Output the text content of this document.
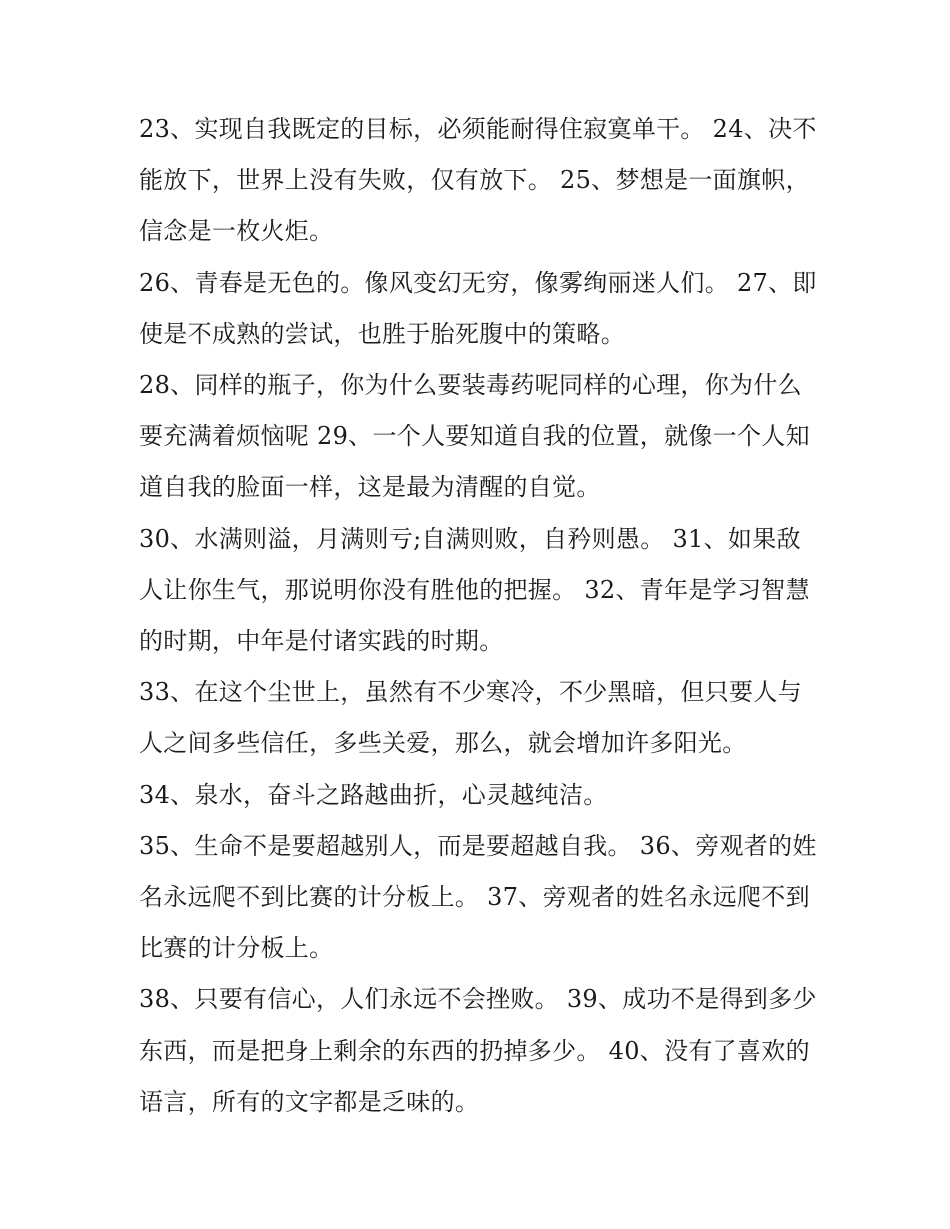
23、实现自我既定的目标，必须能耐得住寂寞单干。 24、决不能放下，世界上没有失败，仅有放下。 25、梦想是一面旗帜，信念是一枚火炬。

26、青春是无色的。像风变幻无穷，像雾绚丽迷人们。 27、即使是不成熟的尝试，也胜于胎死腹中的策略。

28、同样的瓶子，你为什么要装毒药呢同样的心理，你为什么要充满着烦恼呢 29、一个人要知道自我的位置，就像一个人知道自我的脸面一样，这是最为清醒的自觉。

30、水满则溢，月满则亏;自满则败，自矜则愚。 31、如果敌人让你生气，那说明你没有胜他的把握。 32、青年是学习智慧的时期，中年是付诸实践的时期。

33、在这个尘世上，虽然有不少寒冷，不少黑暗，但只要人与人之间多些信任，多些关爱，那么，就会增加许多阳光。

34、泉水，奋斗之路越曲折，心灵越纯洁。

35、生命不是要超越别人，而是要超越自我。 36、旁观者的姓名永远爬不到比赛的计分板上。 37、旁观者的姓名永远爬不到比赛的计分板上。

38、只要有信心，人们永远不会挫败。 39、成功不是得到多少东西，而是把身上剩余的东西的扔掉多少。 40、没有了喜欢的语言，所有的文字都是乏味的。
